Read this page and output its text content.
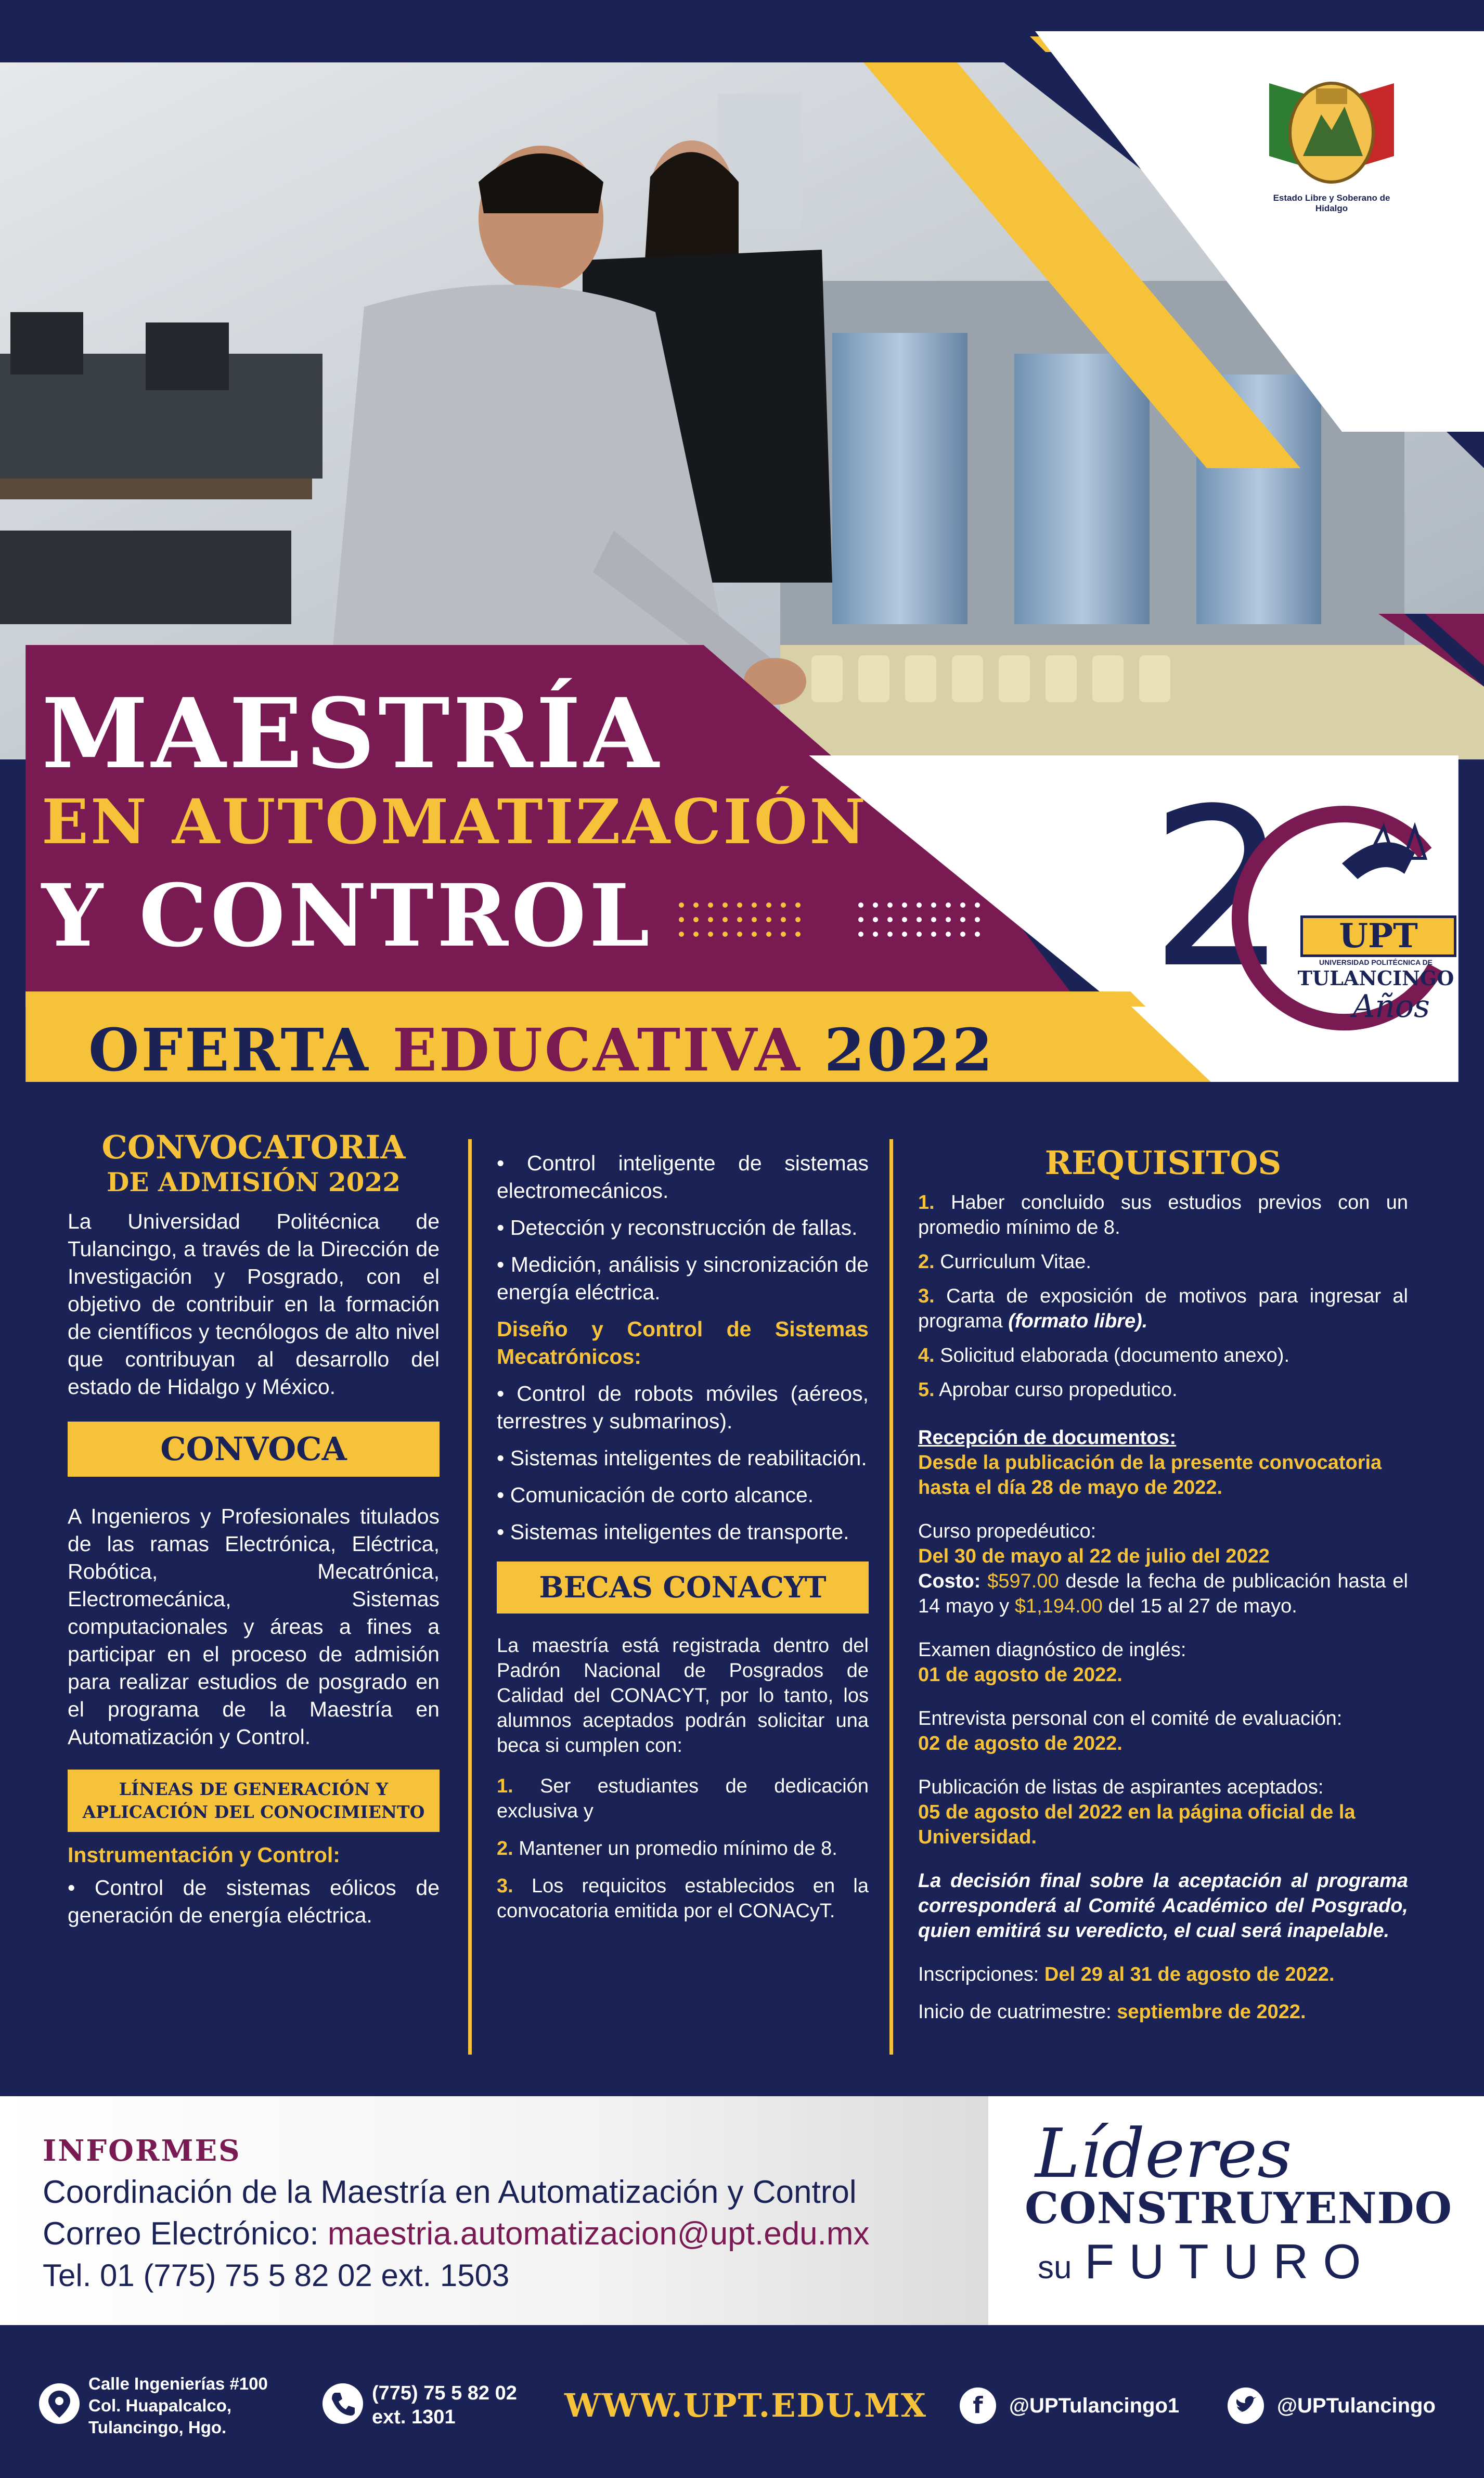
Estado Libre y Soberano de Hidalgo
MAESTRÍA
EN AUTOMATIZACIÓN
Y CONTROL
OFERTA EDUCATIVA 2022
2	UPT
UNIVERSIDAD POLITÉCNICA DE
TULANCINGO
Años
CONVOCATORIA
DE ADMISIÓN 2022

La Universidad Politécnica de Tulancingo, a través de la Dirección de Investigación y Posgrado, con el objetivo de contribuir en la formación de científicos y tecnólogos de alto nivel que contribuyan al desarrollo del estado de Hidalgo y México.

CONVOCA

A Ingenieros y Profesionales titulados de las ramas Electrónica, Eléctrica, Robótica, Mecatrónica, Electromecánica, Sistemas computacionales y áreas a fines a participar en el proceso de admisión para realizar estudios de posgrado en el programa de la Maestría en Automatización y Control.

LÍNEAS DE GENERACIÓN Y
APLICACIÓN DEL CONOCIMIENTO
Instrumentación y Control:

• Control de sistemas eólicos de generación de energía eléctrica.

• Control inteligente de sistemas electromecánicos.

• Detección y reconstrucción de fallas.

• Medición, análisis y sincronización de energía eléctrica.

Diseño y Control de Sistemas Mecatrónicos:

• Control de robots móviles (aéreos, terrestres y submarinos).

• Sistemas inteligentes de reabilitación.

• Comunicación de corto alcance.

• Sistemas inteligentes de transporte.

BECAS CONACYT

La maestría está registrada dentro del Padrón Nacional de Posgrados de Calidad del CONACYT, por lo tanto, los alumnos aceptados podrán solicitar una beca si cumplen con:

1. Ser estudiantes de dedicación exclusiva y

2. Mantener un promedio mínimo de 8.

3. Los requicitos establecidos en la convocatoria emitida por el CONACyT.

REQUISITOS

1. Haber concluido sus estudios previos con un promedio mínimo de 8.

2. Curriculum Vitae.

3. Carta de exposición de motivos para ingresar al programa (formato libre).

4. Solicitud elaborada (documento anexo).

5. Aprobar curso propedutico.

Recepción de documentos:

Desde la publicación de la presente convocatoria hasta el día 28 de mayo de 2022.

Curso propedéutico:

Del 30 de mayo al 22 de julio del 2022

Costo: $597.00 desde la fecha de publicación hasta el 14 mayo y $1,194.00 del 15 al 27 de mayo.

Examen diagnóstico de inglés:

01 de agosto de 2022.

Entrevista personal con el comité de evaluación:

02 de agosto de 2022.

Publicación de listas de aspirantes aceptados:

05 de agosto del 2022 en la página oficial de la Universidad.

La decisión final sobre la aceptación al programa corresponderá al Comité Académico del Posgrado, quien emitirá su veredicto, el cual será inapelable.

Inscripciones: Del 29 al 31 de agosto de 2022.

Inicio de cuatrimestre: septiembre de 2022.

INFORMES
Coordinación de la Maestría en Automatización y Control
Correo Electrónico: maestria.automatizacion@upt.edu.mx
Tel. 01 (775) 75 5 82 02 ext. 1503
Líderes
CONSTRUYENDO
su FUTURO
Calle Ingenierías #100
Col. Huapalcalco,
Tulancingo, Hgo.
(775) 75 5 82 02
ext. 1301	WWW.UPT.EDU.MX	f	@UPTulancingo1	@UPTulancingo
